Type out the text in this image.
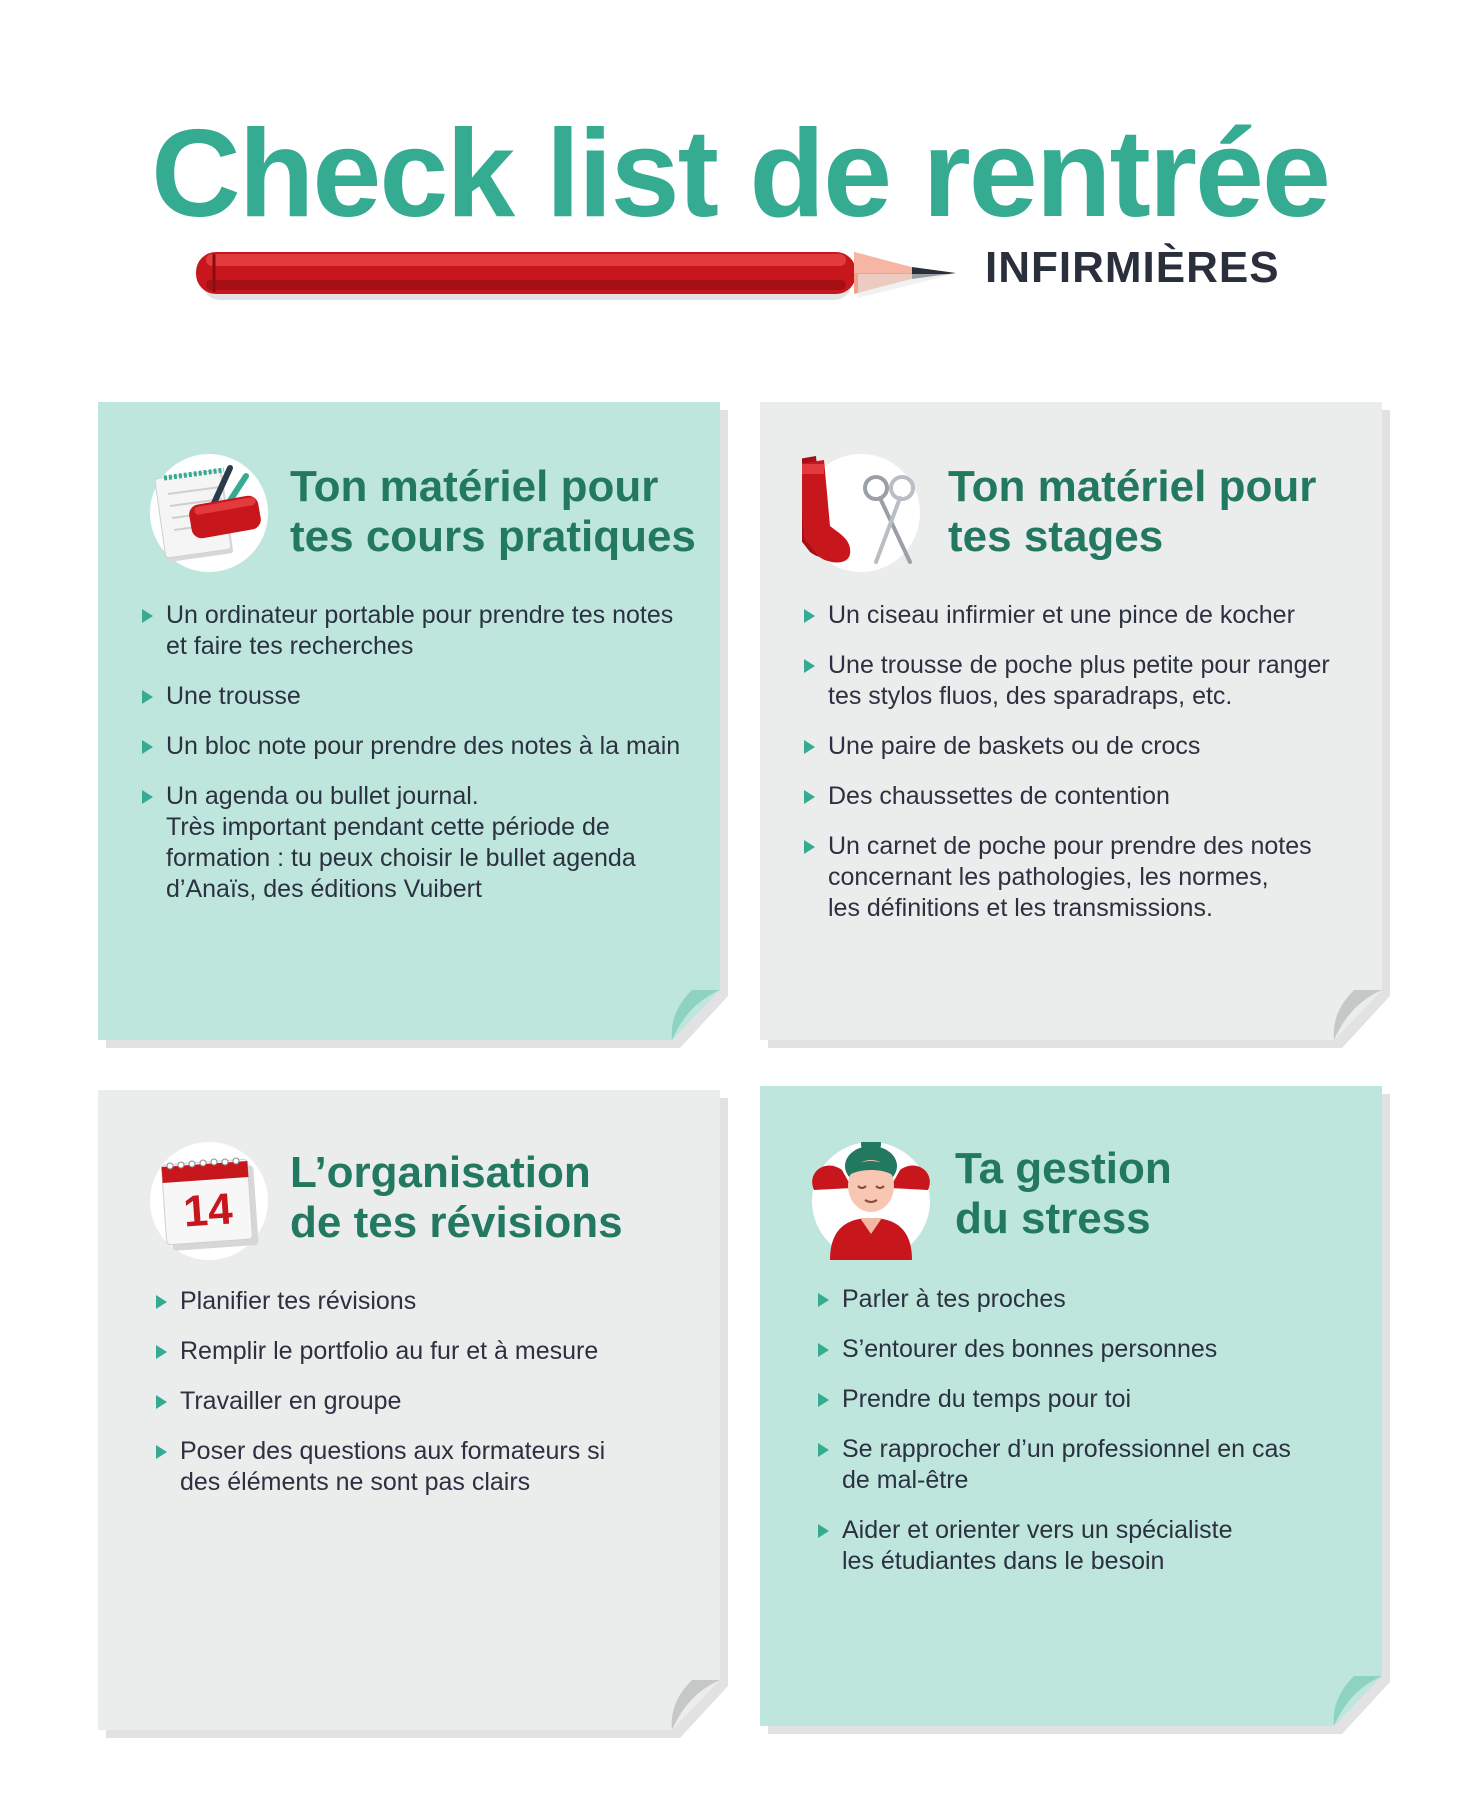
Check list de rentrée
INFIRMIÈRES
Ton matériel pour
tes cours pratiques
Un ordinateur portable pour prendre tes notes
et faire tes recherches
Une trousse
Un bloc note pour prendre des notes à la main
Un agenda ou bullet journal.
Très important pendant cette période de
formation : tu peux choisir le bullet agenda
d’Anaïs, des éditions Vuibert
Ton matériel pour
tes stages
Un ciseau infirmier et une pince de kocher
Une trousse de poche plus petite pour ranger
tes stylos fluos, des sparadraps, etc.
Une paire de baskets ou de crocs
Des chaussettes de contention
Un carnet de poche pour prendre des notes
concernant les pathologies, les normes,
les définitions et les transmissions.
14
L’organisation
de tes révisions
Planifier tes révisions
Remplir le portfolio au fur et à mesure
Travailler en groupe
Poser des questions aux formateurs si
des éléments ne sont pas clairs
Ta gestion
du stress
Parler à tes proches
S’entourer des bonnes personnes
Prendre du temps pour toi
Se rapprocher d’un professionnel en cas
de mal-être
Aider et orienter vers un spécialiste
les étudiantes dans le besoin
